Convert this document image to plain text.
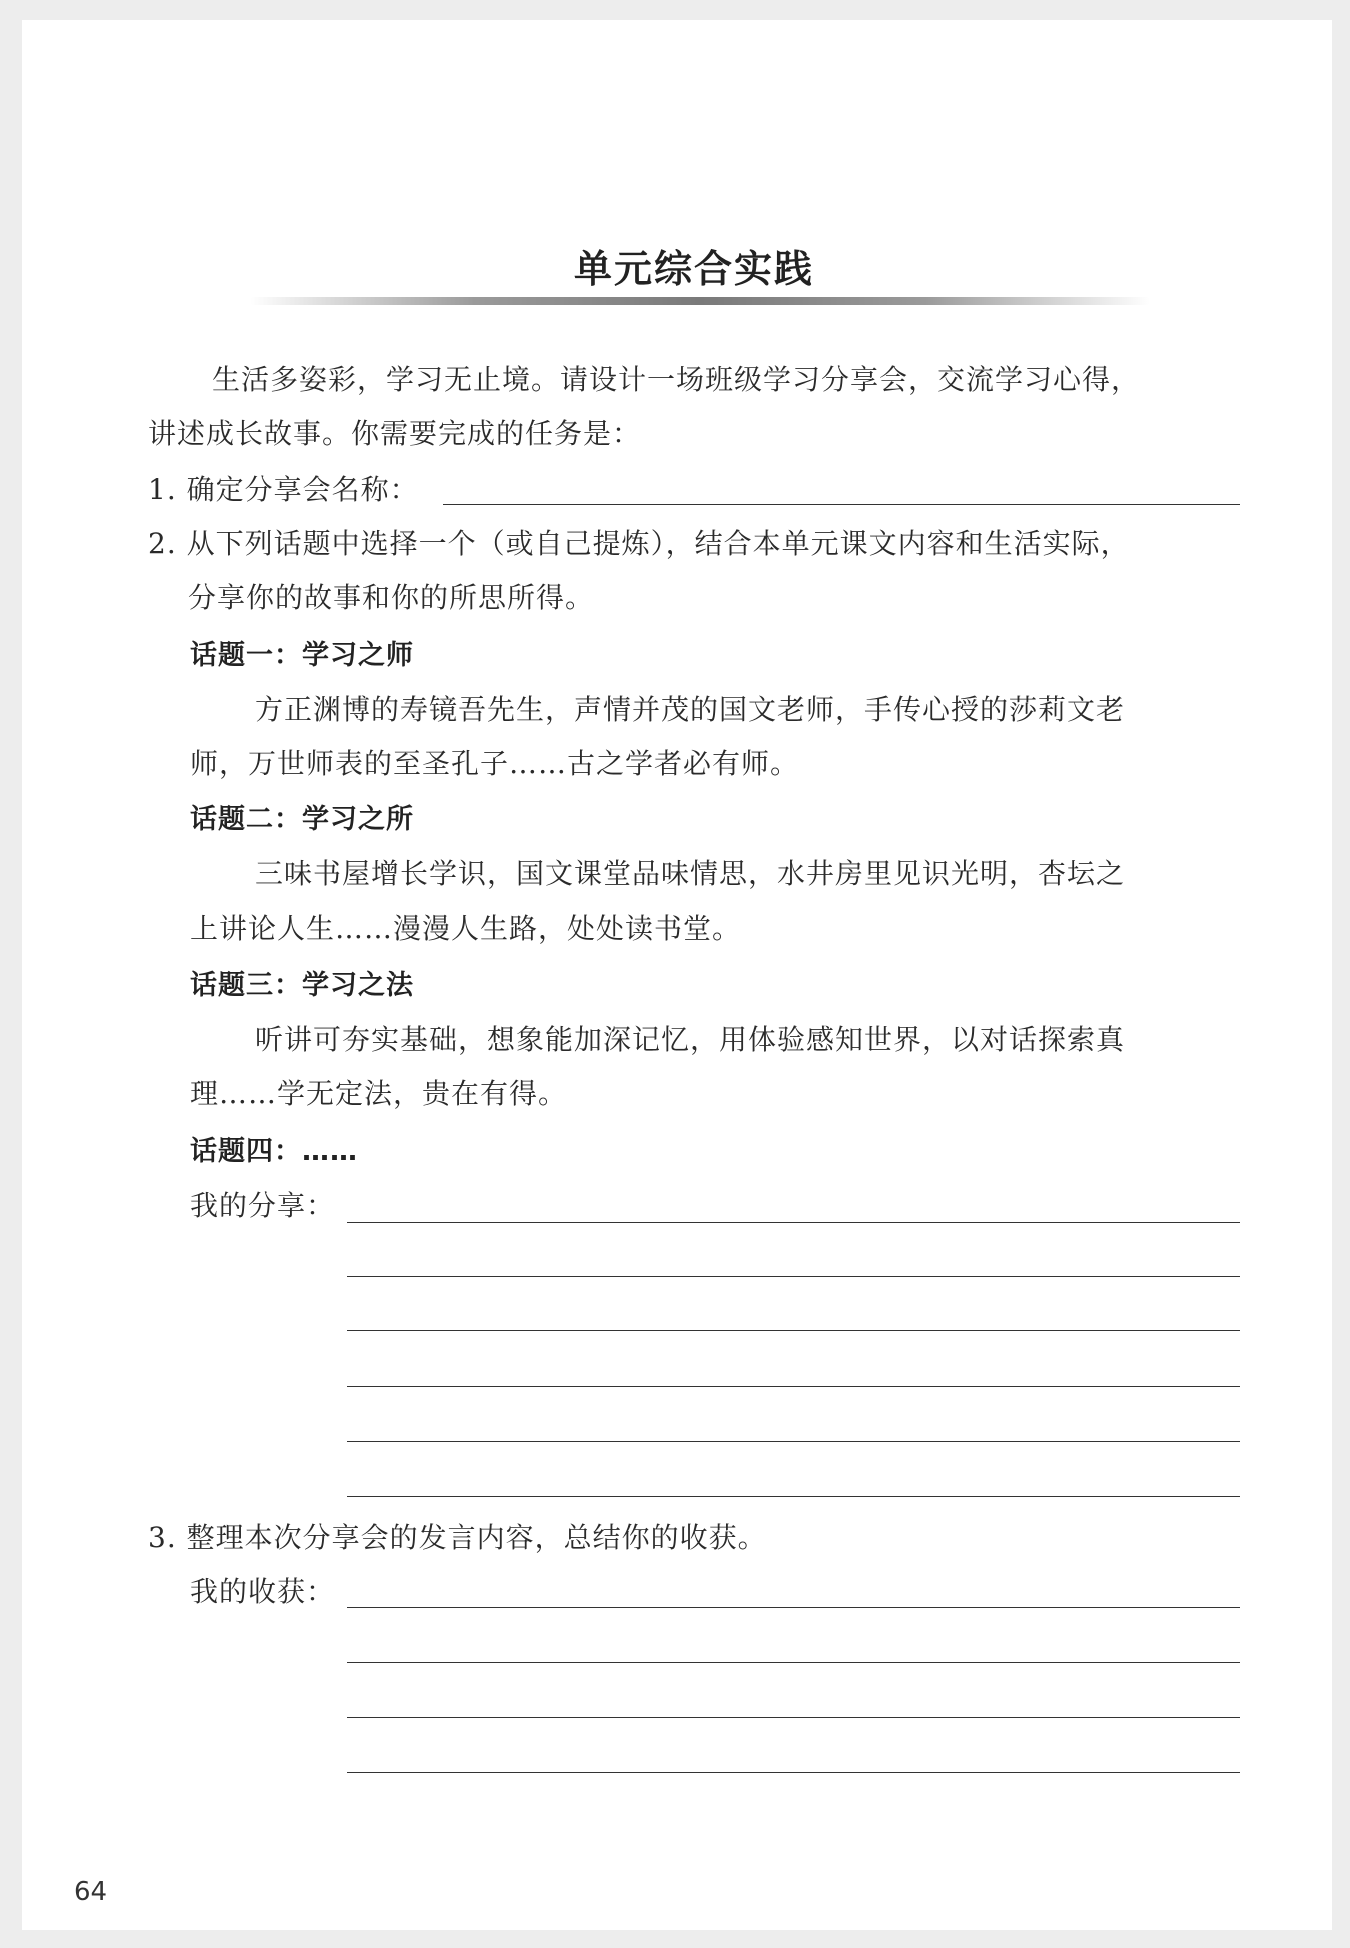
单元综合实践
生活多姿彩，学习无止境。请设计一场班级学习分享会，交流学习心得，
讲述成长故事。你需要完成的任务是：
1. 确定分享会名称：
2. 从下列话题中选择一个（或自己提炼），结合本单元课文内容和生活实际，
分享你的故事和你的所思所得。
话题一：学习之师
方正渊博的寿镜吾先生，声情并茂的国文老师，手传心授的莎莉文老
师，万世师表的至圣孔子……古之学者必有师。
话题二：学习之所
三味书屋增长学识，国文课堂品味情思，水井房里见识光明，杏坛之
上讲论人生……漫漫人生路，处处读书堂。
话题三：学习之法
听讲可夯实基础，想象能加深记忆，用体验感知世界，以对话探索真
理……学无定法，贵在有得。
话题四：……
我的分享：
3. 整理本次分享会的发言内容，总结你的收获。
我的收获：
64
